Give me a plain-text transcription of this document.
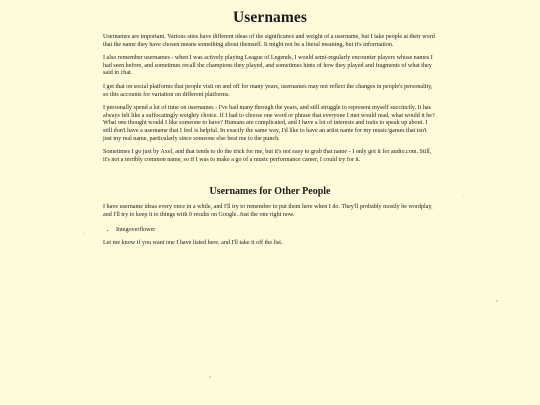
Usernames

Usernames are important. Various sites have different ideas of the significance and weight of a username, but I take people at their word that the name they have chosen means something about themself. It might not be a literal meaning, but it's information.

I also remember usernames - when I was actively playing League of Legends, I would semi-regularly encounter players whose names I had seen before, and sometimes recall the champions they played, and sometimes hints of how they played and fragments of what they said in chat.

I get that on social platforms that people visit on and off for many years, usernames may not reflect the changes in people's personality, so this accounts for variation on different platforms.

I personally spend a lot of time on usernames - I've had many through the years, and still struggle to represent myself succinctly. It has always felt like a suffocatingly weighty choice. If I had to choose one word or phrase that everyone I met would read, what would it be? What one thought would I like someone to have? Humans are complicated, and I have a lot of interests and traits to speak up about. I still don't have a username that I feel is helpful. In exactly the same way, I'd like to have an artist name for my music/games that isn't just my real name, particularly since someone else beat me to the punch.

Sometimes I go just by Axel, and that tends to do the trick for me, but it's not easy to grab that name - I only got it for audio.com. Still, it's not a terribly common name, so if I was to make a go of a music performance career, I could try for it.

Usernames for Other People

I have username ideas every once in a while, and I'll try to remember to put them here when I do. They'll probably mostly be wordplay, and I'll try to keep it to things with 0 results on Google. Just the one right now.

• Integoverflower

Let me know if you want one I have listed here, and I'll take it off the list.
